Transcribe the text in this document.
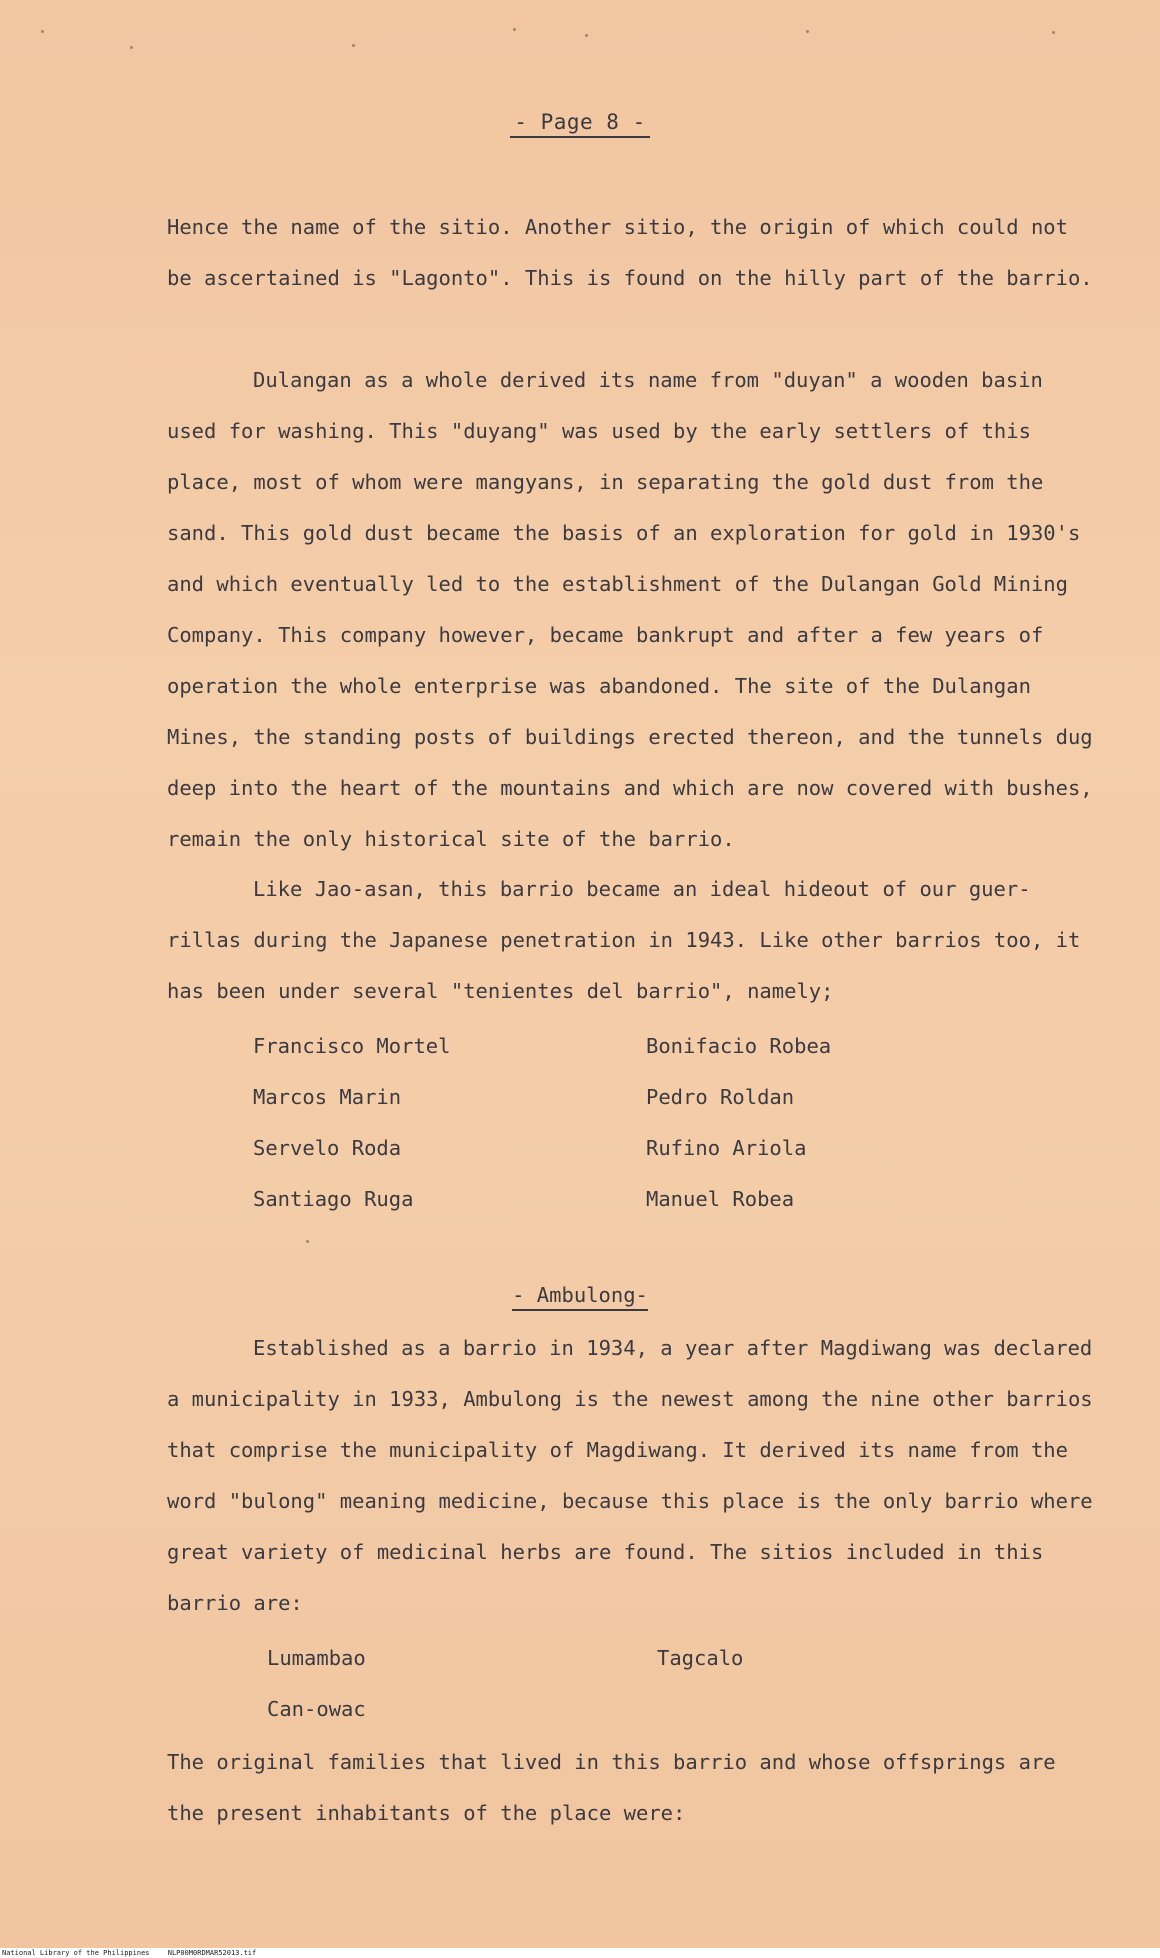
- Page 8 -

Hence the name of the sitio. Another sitio, the origin of which could not be ascertained is "Lagonto". This is found on the hilly part of the barrio.

Dulangan as a whole derived its name from "duyan" a wooden basin used for washing. This "duyang" was used by the early settlers of this place, most of whom were mangyans, in separating the gold dust from the sand. This gold dust became the basis of an exploration for gold in 1930's and which eventually led to the establishment of the Dulangan Gold Mining Company. This company however, became bankrupt and after a few years of operation the whole enterprise was abandoned. The site of the Dulangan Mines, the standing posts of buildings erected thereon, and the tunnels dug deep into the heart of the mountains and which are now covered with bushes, remain the only historical site of the barrio.

Like Jao-asan, this barrio became an ideal hideout of our guer-rillas during the Japanese penetration in 1943. Like other barrios too, it has been under several "tenientes del barrio", namely;

Francisco Mortel	Bonifacio Robea
Marcos Marin	Pedro Roldan
Servelo Roda	Rufino Ariola
Santiago Ruga	Manuel Robea
- Ambulong-

Established as a barrio in 1934, a year after Magdiwang was declared a municipality in 1933, Ambulong is the newest among the nine other barrios that comprise the municipality of Magdiwang. It derived its name from the word "bulong" meaning medicine, because this place is the only barrio where great variety of medicinal herbs are found. The sitios included in this barrio are:

Lumambao	Tagcalo
Can-owac

The original families that lived in this barrio and whose offsprings are the present inhabitants of the place were:

National Library of the Philippines	NLP00M0RDMAR52013.tif
